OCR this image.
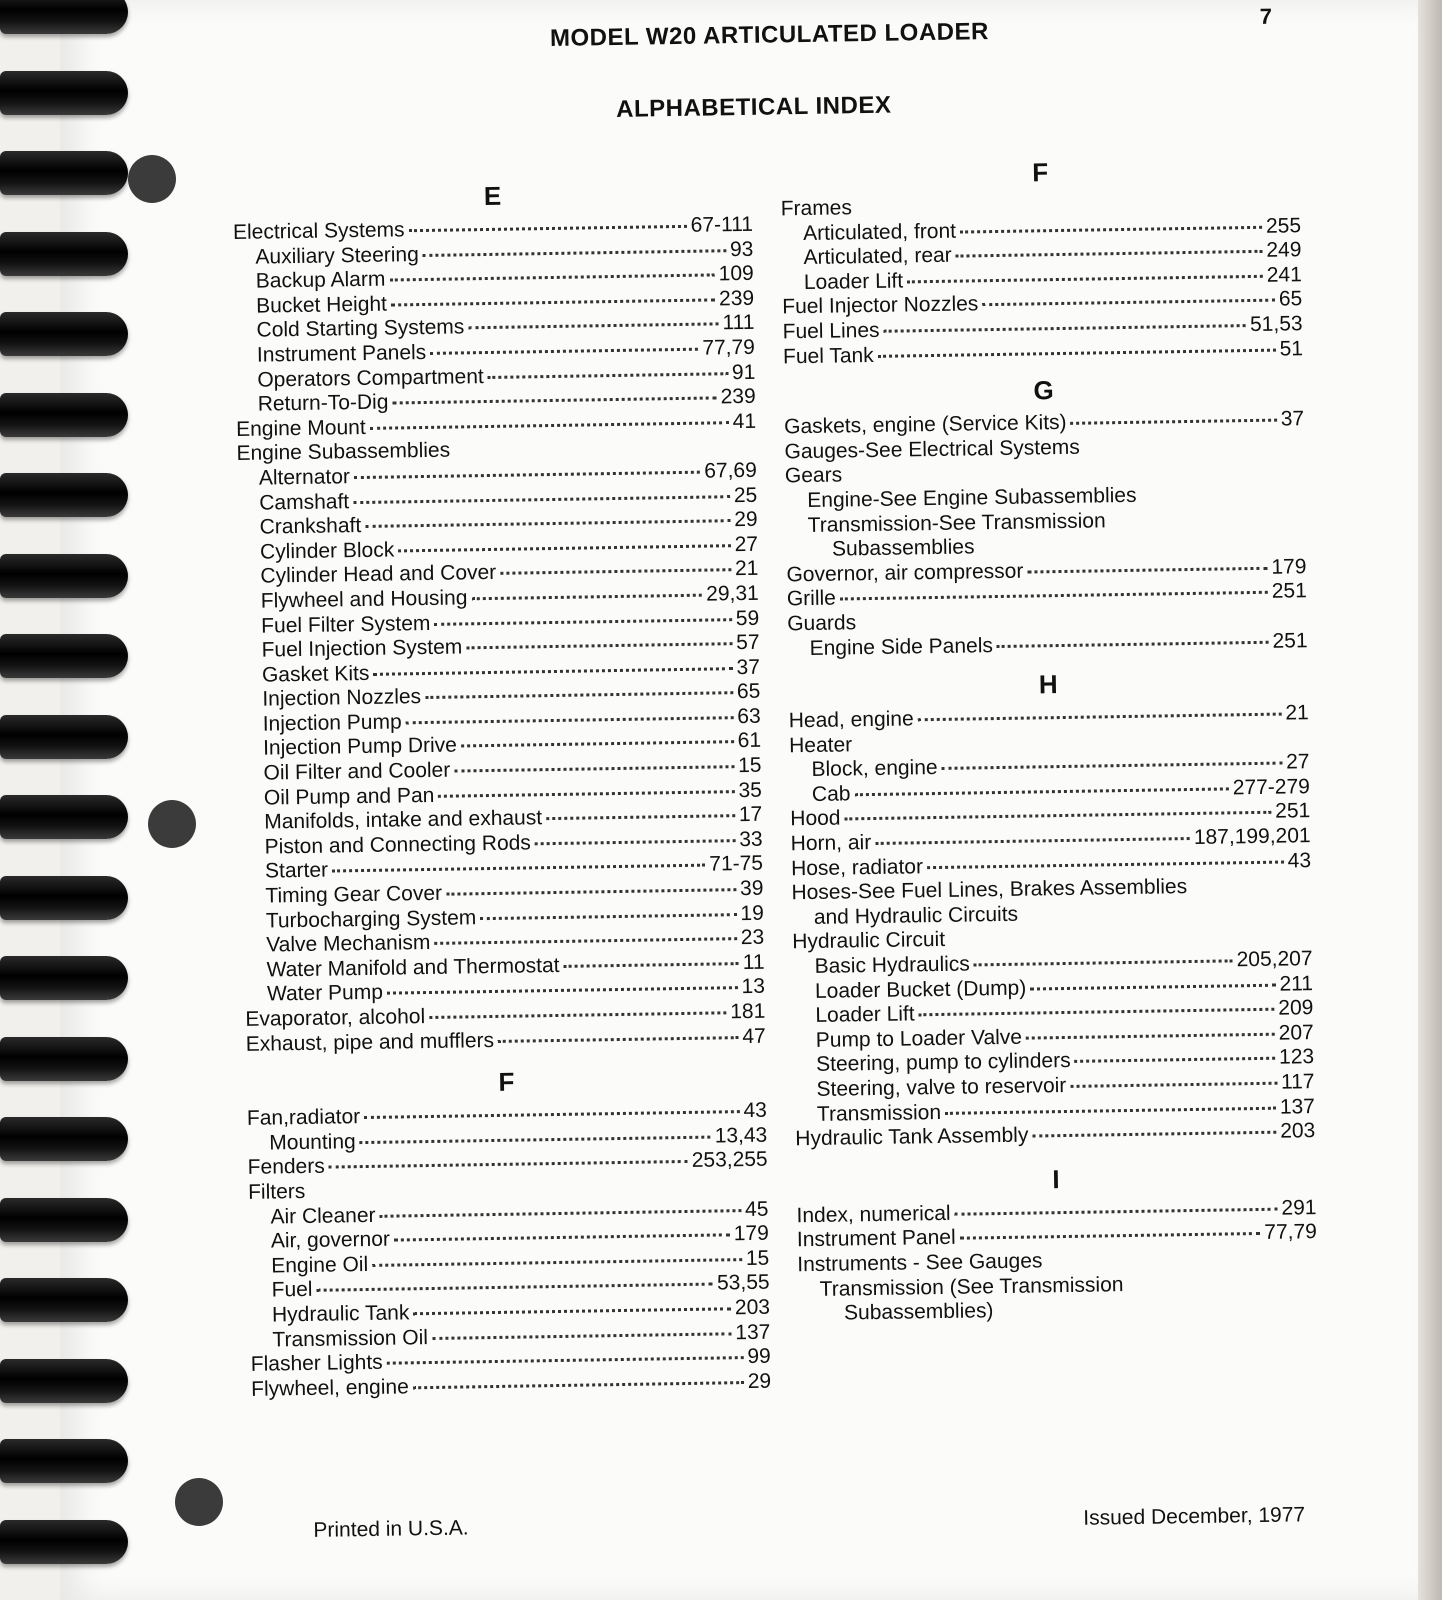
7
MODEL W20 ARTICULATED LOADER
ALPHABETICAL INDEX
E
Electrical Systems	67-111
Auxiliary Steering	93
Backup Alarm	109
Bucket Height	239
Cold Starting Systems	111
Instrument Panels	77,79
Operators Compartment	91
Return-To-Dig	239
Engine Mount	41
Engine Subassemblies
Alternator	67,69
Camshaft	25
Crankshaft	29
Cylinder Block	27
Cylinder Head and Cover	21
Flywheel and Housing	29,31
Fuel Filter System	59
Fuel Injection System	57
Gasket Kits	37
Injection Nozzles	65
Injection Pump	63
Injection Pump Drive	61
Oil Filter and Cooler	15
Oil Pump and Pan	35
Manifolds, intake and exhaust	17
Piston and Connecting Rods	33
Starter	71-75
Timing Gear Cover	39
Turbocharging System	19
Valve Mechanism	23
Water Manifold and Thermostat	11
Water Pump	13
Evaporator, alcohol	181
Exhaust, pipe and mufflers	47
F
Fan,radiator	43
Mounting	13,43
Fenders	253,255
Filters
Air Cleaner	45
Air, governor	179
Engine Oil	15
Fuel	53,55
Hydraulic Tank	203
Transmission Oil	137
Flasher Lights	99
Flywheel, engine	29
F
Frames
Articulated, front	255
Articulated, rear	249
Loader Lift	241
Fuel Injector Nozzles	65
Fuel Lines	51,53
Fuel Tank	51
G
Gaskets, engine (Service Kits)	37
Gauges-See Electrical Systems
Gears
Engine-See Engine Subassemblies
Transmission-See Transmission
Subassemblies
Governor, air compressor	179
Grille	251
Guards
Engine Side Panels	251
H
Head, engine	21
Heater
Block, engine	27
Cab	277-279
Hood	251
Horn, air	187,199,201
Hose, radiator	43
Hoses-See Fuel Lines, Brakes Assemblies
and Hydraulic Circuits
Hydraulic Circuit
Basic Hydraulics	205,207
Loader Bucket (Dump)	211
Loader Lift	209
Pump to Loader Valve	207
Steering, pump to cylinders	123
Steering, valve to reservoir	117
Transmission	137
Hydraulic Tank Assembly	203
I
Index, numerical	291
Instrument Panel	77,79
Instruments - See Gauges
Transmission (See Transmission
Subassemblies)
Printed in U.S.A.	Issued December, 1977
